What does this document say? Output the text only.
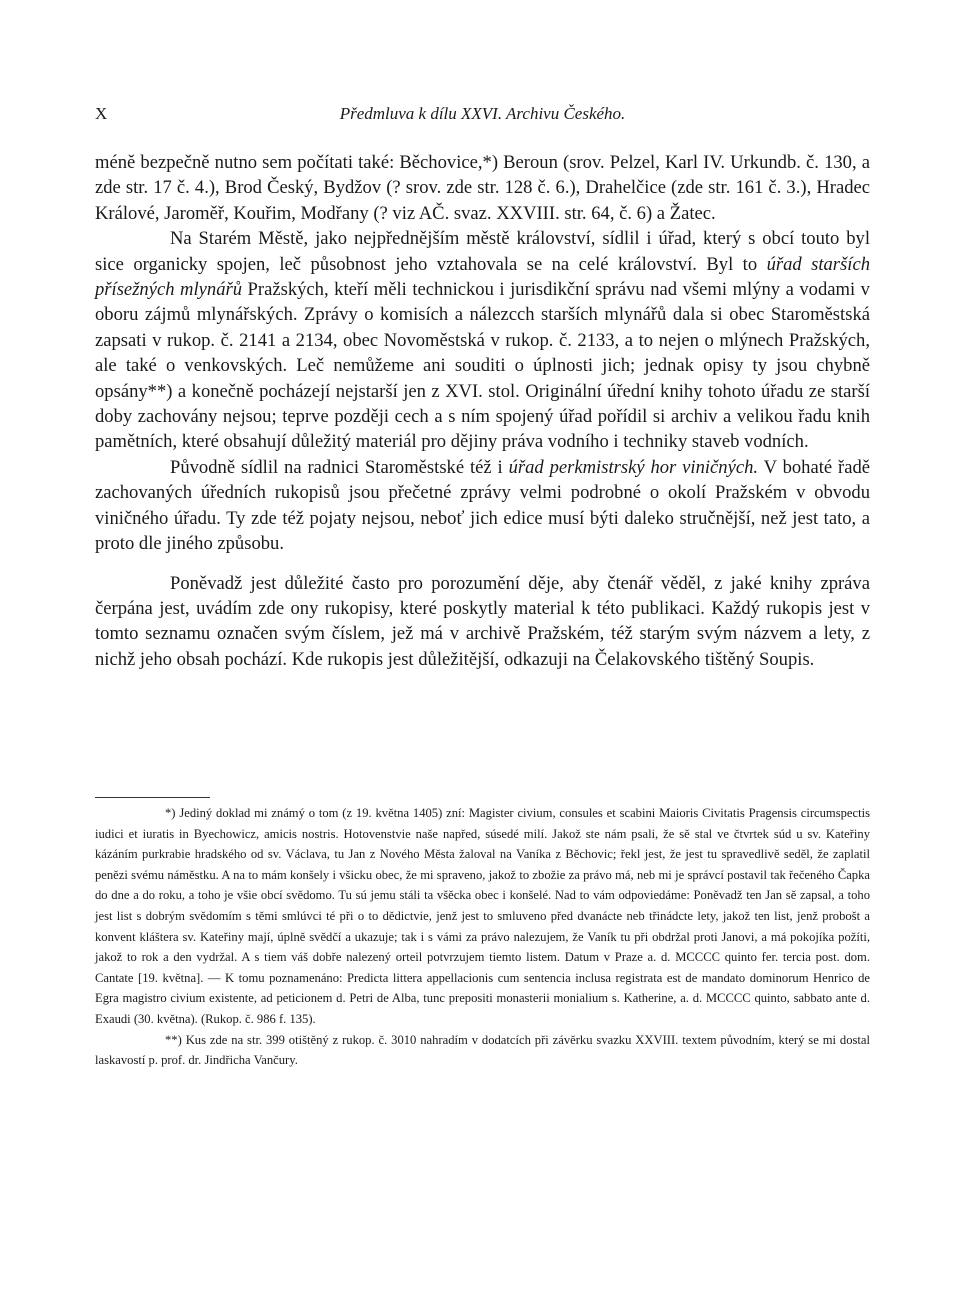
X	Předmluva k dílu XXVI. Archivu Českého.

méně bezpečně nutno sem počítati také: Běchovice,*) Beroun (srov. Pelzel, Karl IV. Urkundb. č. 130, a zde str. 17 č. 4.), Brod Český, Bydžov (? srov. zde str. 128 č. 6.), Drahelčice (zde str. 161 č. 3.), Hradec Králové, Jaroměř, Kouřim, Modřany (? viz AČ. svaz. XXVIII. str. 64, č. 6) a Žatec.

Na Starém Městě, jako nejpřednějším městě království, sídlil i úřad, který s obcí touto byl sice organicky spojen, leč působnost jeho vztahovala se na celé království. Byl to úřad starších přísežných mlynářů Pražských, kteří měli technickou i jurisdikční správu nad všemi mlýny a vodami v oboru zájmů mlynářských. Zprávy o komisích a nálezcch starších mlynářů dala si obec Staroměstská zapsati v rukop. č. 2141 a 2134, obec Novoměstská v rukop. č. 2133, a to nejen o mlýnech Pražských, ale také o venkovských. Leč nemůžeme ani souditi o úplnosti jich; jednak opisy ty jsou chybně opsány**) a konečně pocházejí nejstarší jen z XVI. stol. Originální úřední knihy tohoto úřadu ze starší doby zachovány nejsou; teprve později cech a s ním spojený úřad pořídil si archiv a velikou řadu knih pamětních, které obsahují důležitý materiál pro dějiny práva vodního i techniky staveb vodních.

Původně sídlil na radnici Staroměstské též i úřad perkmistrský hor viničných. V bohaté řadě zachovaných úředních rukopisů jsou přečetné zprávy velmi podrobné o okolí Pražském v obvodu viničného úřadu. Ty zde též pojaty nejsou, neboť jich edice musí býti daleko stručnější, než jest tato, a proto dle jiného způsobu.

Poněvadž jest důležité často pro porozumění děje, aby čtenář věděl, z jaké knihy zpráva čerpána jest, uvádím zde ony rukopisy, které poskytly material k této publikaci. Každý rukopis jest v tomto seznamu označen svým číslem, jež má v archivě Pražském, též starým svým názvem a lety, z nichž jeho obsah pochází. Kde rukopis jest důležitější, odkazuji na Čelakovského tištěný Soupis.

*) Jediný doklad mi známý o tom (z 19. května 1405) zní: Magister civium, consules et scabini Maioris Civitatis Pragensis circumspectis iudici et iuratis in Byechowicz, amicis nostris. Hotovenstvie naše napřed, súsedé milí. Jakož ste nám psali, že sě stal ve čtvrtek súd u sv. Kateřiny kázáním purkrabie hradského od sv. Václava, tu Jan z Nového Města žaloval na Vaníka z Běchovic; řekl jest, že jest tu spravedlivě seděl, že zaplatil penězi svému náměstku. A na to mám konšely i všicku obec, že mi spraveno, jakož to zbožie za právo má, neb mi je správcí postavil tak řečeného Čapka do dne a do roku, a toho je všie obcí svědomo. Tu sú jemu stáli ta všěcka obec i konšelé. Nad to vám odpoviedáme: Poněvadž ten Jan sě zapsal, a toho jest list s dobrým svědomím s těmi smlúvci té při o to dědictvie, jenž jest to smluveno před dvanácte neb třinádcte lety, jakož ten list, jenž probošt a konvent kláštera sv. Kateřiny mají, úplně svědčí a ukazuje; tak i s vámi za právo nalezujem, že Vaník tu při obdržal proti Janovi, a má pokojíka požíti, jakož to rok a den vydržal. A s tiem váš dobře nalezený orteil potvrzujem tiemto listem. Datum v Praze a. d. MCCCC quinto fer. tercia post. dom. Cantate [19. května]. — K tomu poznamenáno: Predicta littera appellacionis cum sentencia inclusa registrata est de mandato dominorum Henrico de Egra magistro civium existente, ad peticionem d. Petri de Alba, tunc prepositi monasterii monialium s. Katherine, a. d. MCCCC quinto, sabbato ante d. Exaudi (30. května). (Rukop. č. 986 f. 135).

**) Kus zde na str. 399 otištěný z rukop. č. 3010 nahradím v dodatcích při závěrku svazku XXVIII. textem původním, který se mi dostal laskavostí p. prof. dr. Jindřicha Vančury.
